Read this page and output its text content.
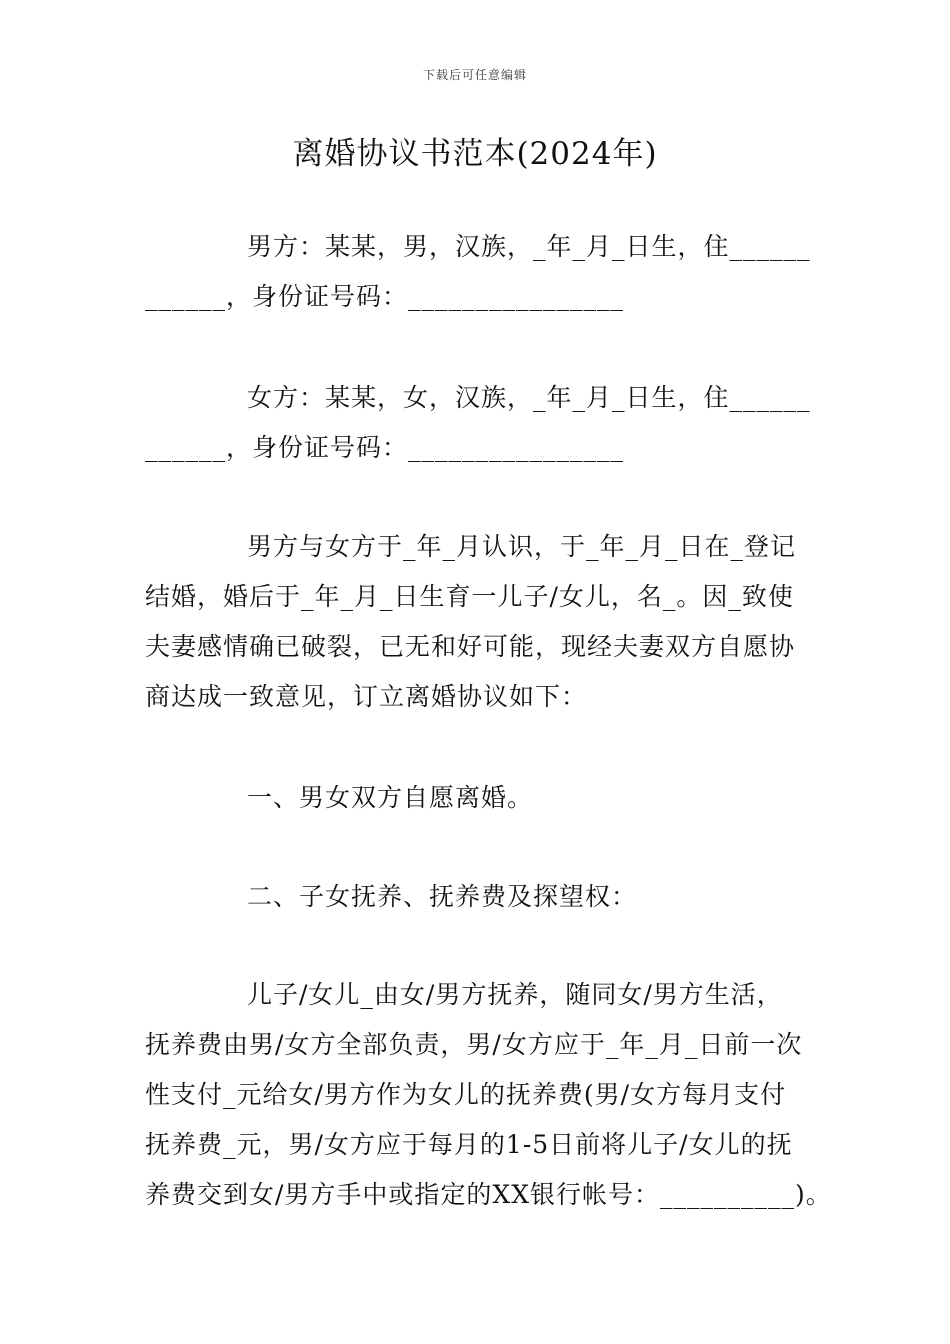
下载后可任意编辑
离婚协议书范本(2024年)
男方：某某，男，汉族，_年_月_日生，住______
______，身份证号码：________________
女方：某某，女，汉族，_年_月_日生，住______
______，身份证号码：________________
男方与女方于_年_月认识，于_年_月_日在_登记
结婚，婚后于_年_月_日生育一儿子/女儿，名_。因_致使
夫妻感情确已破裂，已无和好可能，现经夫妻双方自愿协
商达成一致意见，订立离婚协议如下：
一、男女双方自愿离婚。
二、子女抚养、抚养费及探望权：
儿子/女儿_由女/男方抚养，随同女/男方生活，
抚养费由男/女方全部负责，男/女方应于_年_月_日前一次
性支付_元给女/男方作为女儿的抚养费(男/女方每月支付
抚养费_元，男/女方应于每月的1-5日前将儿子/女儿的抚
养费交到女/男方手中或指定的XX银行帐号：__________)。
